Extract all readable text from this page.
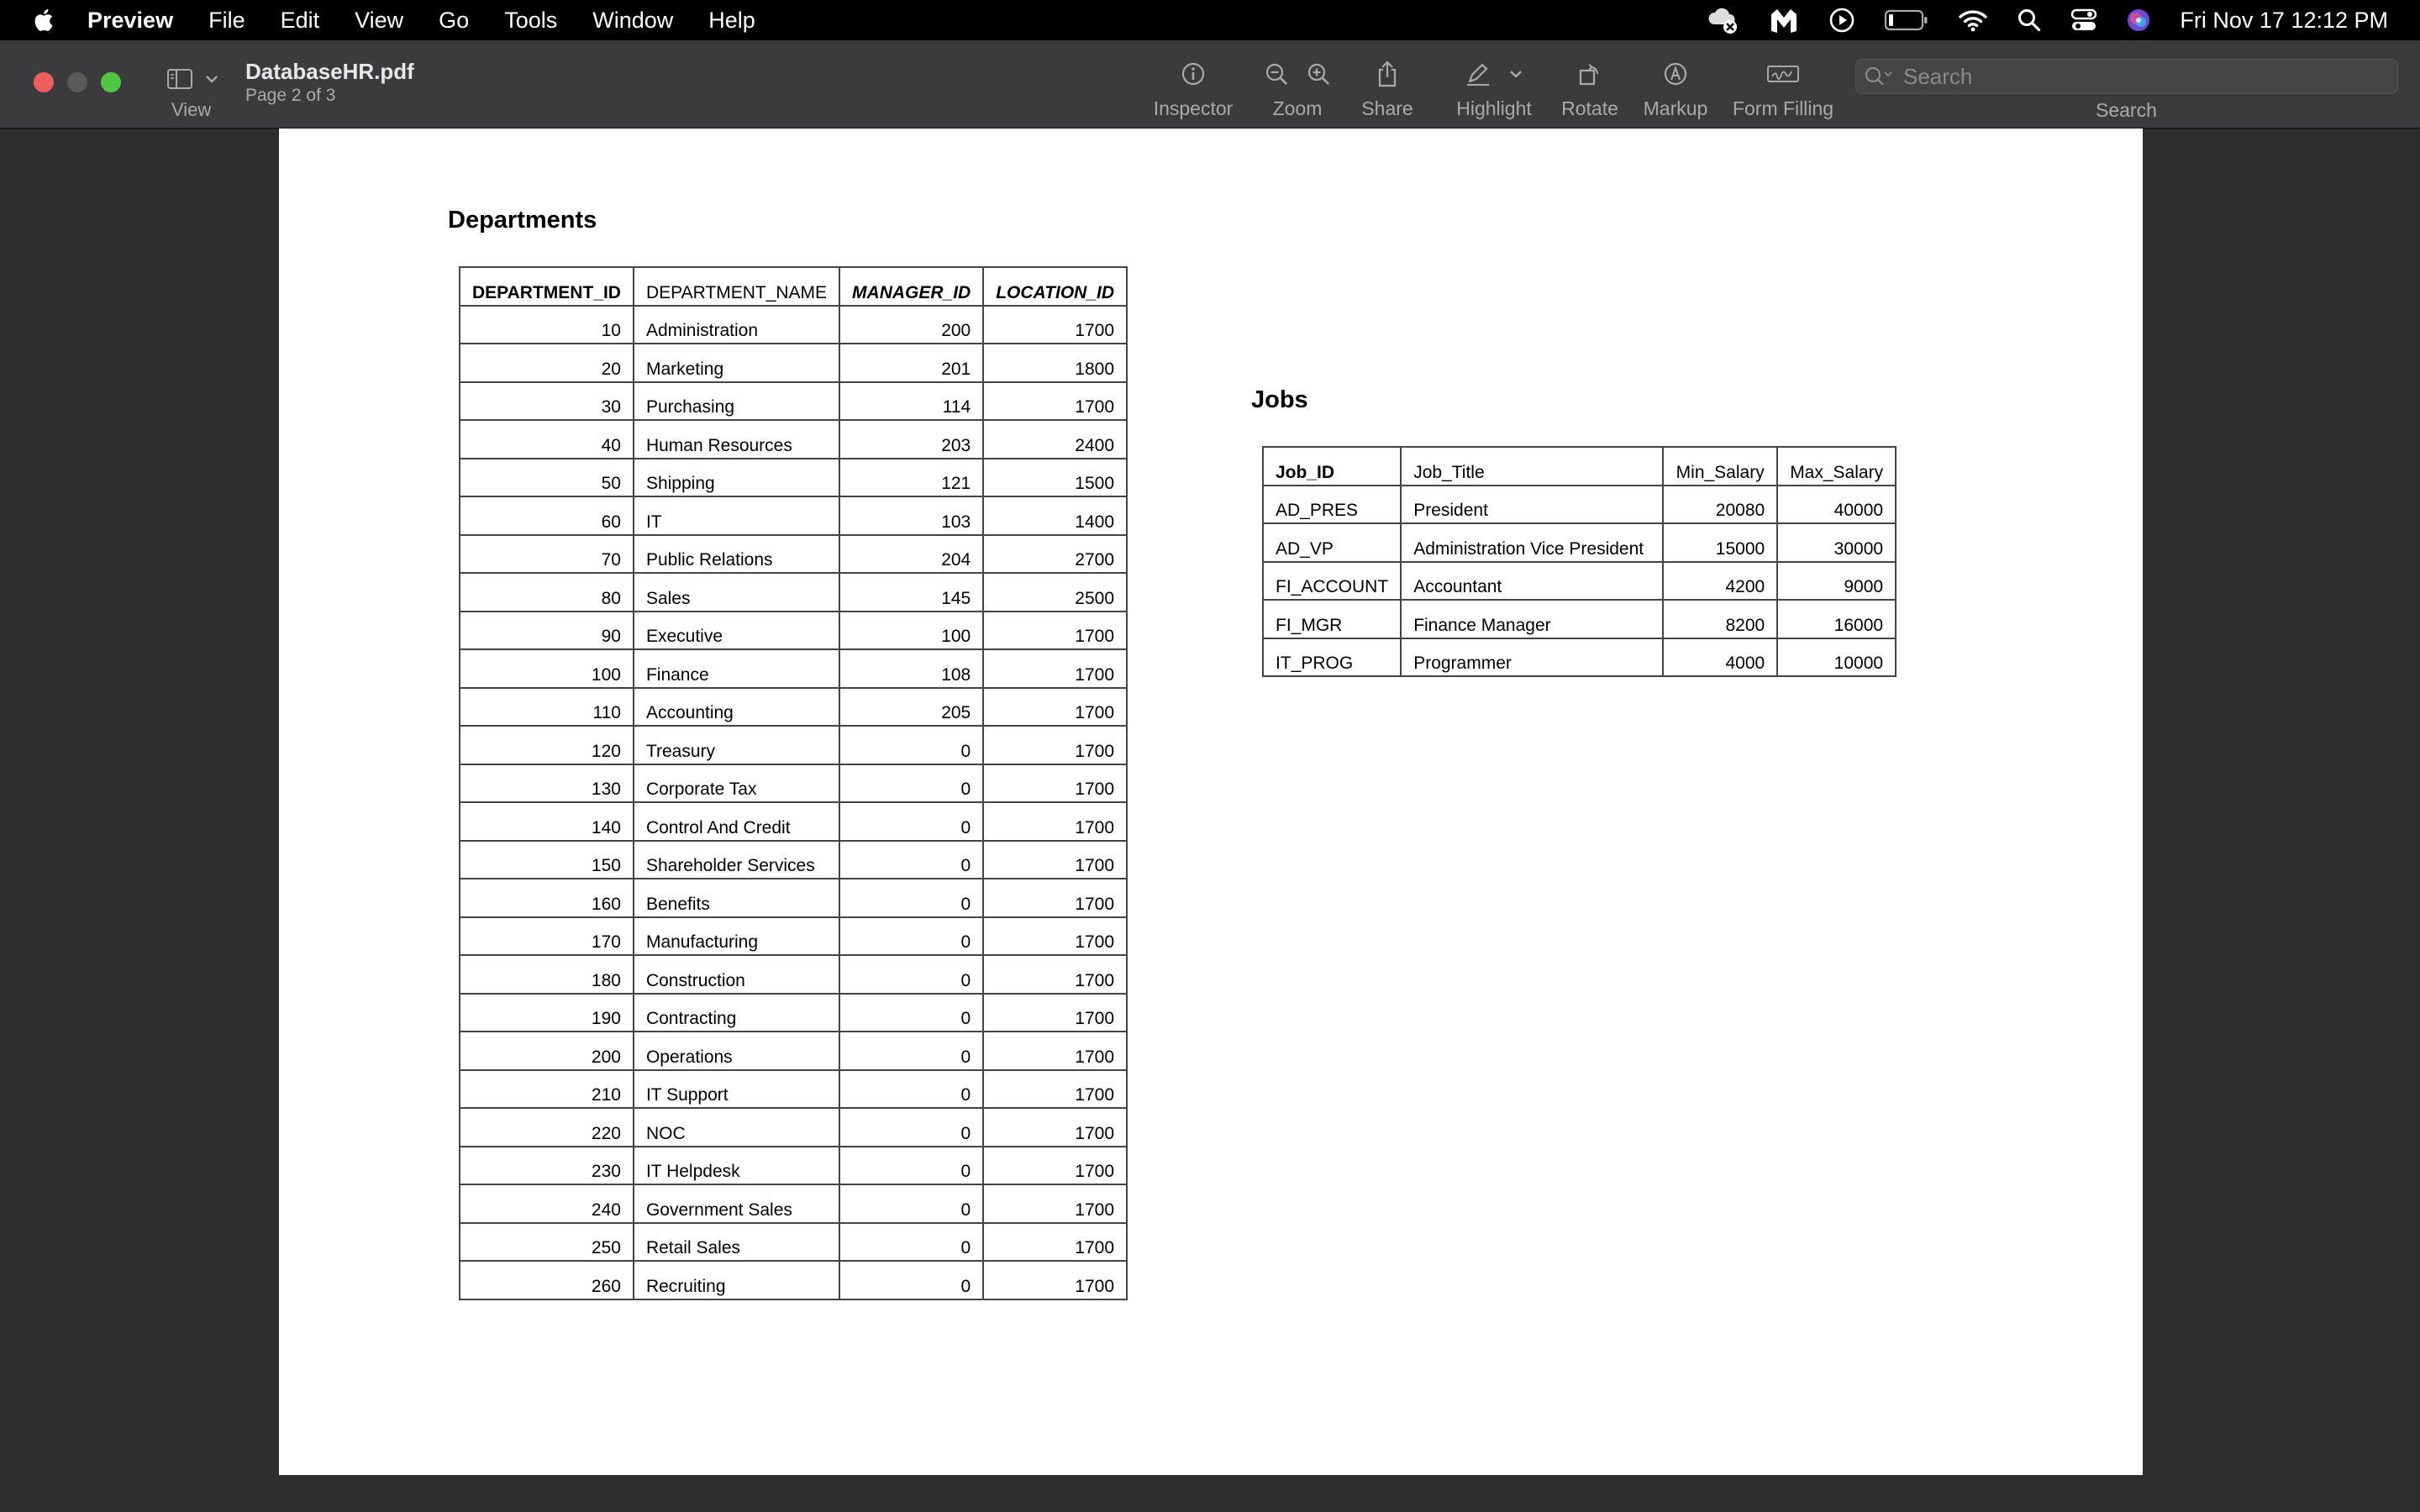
Preview File Edit View Go Tools Window Help	Fri Nov 17 12:12 PM
View
DatabaseHR.pdf
Page 2 of 3
Inspector	Zoom	Share Highlight Rotate Markup Form Filling
Search	Search
Departments
DEPARTMENT_ID	DEPARTMENT_NAME	MANAGER_ID	LOCATION_ID
10	Administration	200	1700
20	Marketing	201	1800
30	Purchasing	114	1700
40	Human Resources	203	2400
50	Shipping	121	1500
60	IT	103	1400
70	Public Relations	204	2700
80	Sales	145	2500
90	Executive	100	1700
100	Finance	108	1700
110	Accounting	205	1700
120	Treasury	0	1700
130	Corporate Tax	0	1700
140	Control And Credit	0	1700
150	Shareholder Services	0	1700
160	Benefits	0	1700
170	Manufacturing	0	1700
180	Construction	0	1700
190	Contracting	0	1700
200	Operations	0	1700
210	IT Support	0	1700
220	NOC	0	1700
230	IT Helpdesk	0	1700
240	Government Sales	0	1700
250	Retail Sales	0	1700
260	Recruiting	0	1700
Jobs
Job_ID	Job_Title	Min_Salary	Max_Salary
AD_PRES	President	20080	40000
AD_VP	Administration Vice President	15000	30000
FI_ACCOUNT	Accountant	4200	9000
FI_MGR	Finance Manager	8200	16000
IT_PROG	Programmer	4000	10000
